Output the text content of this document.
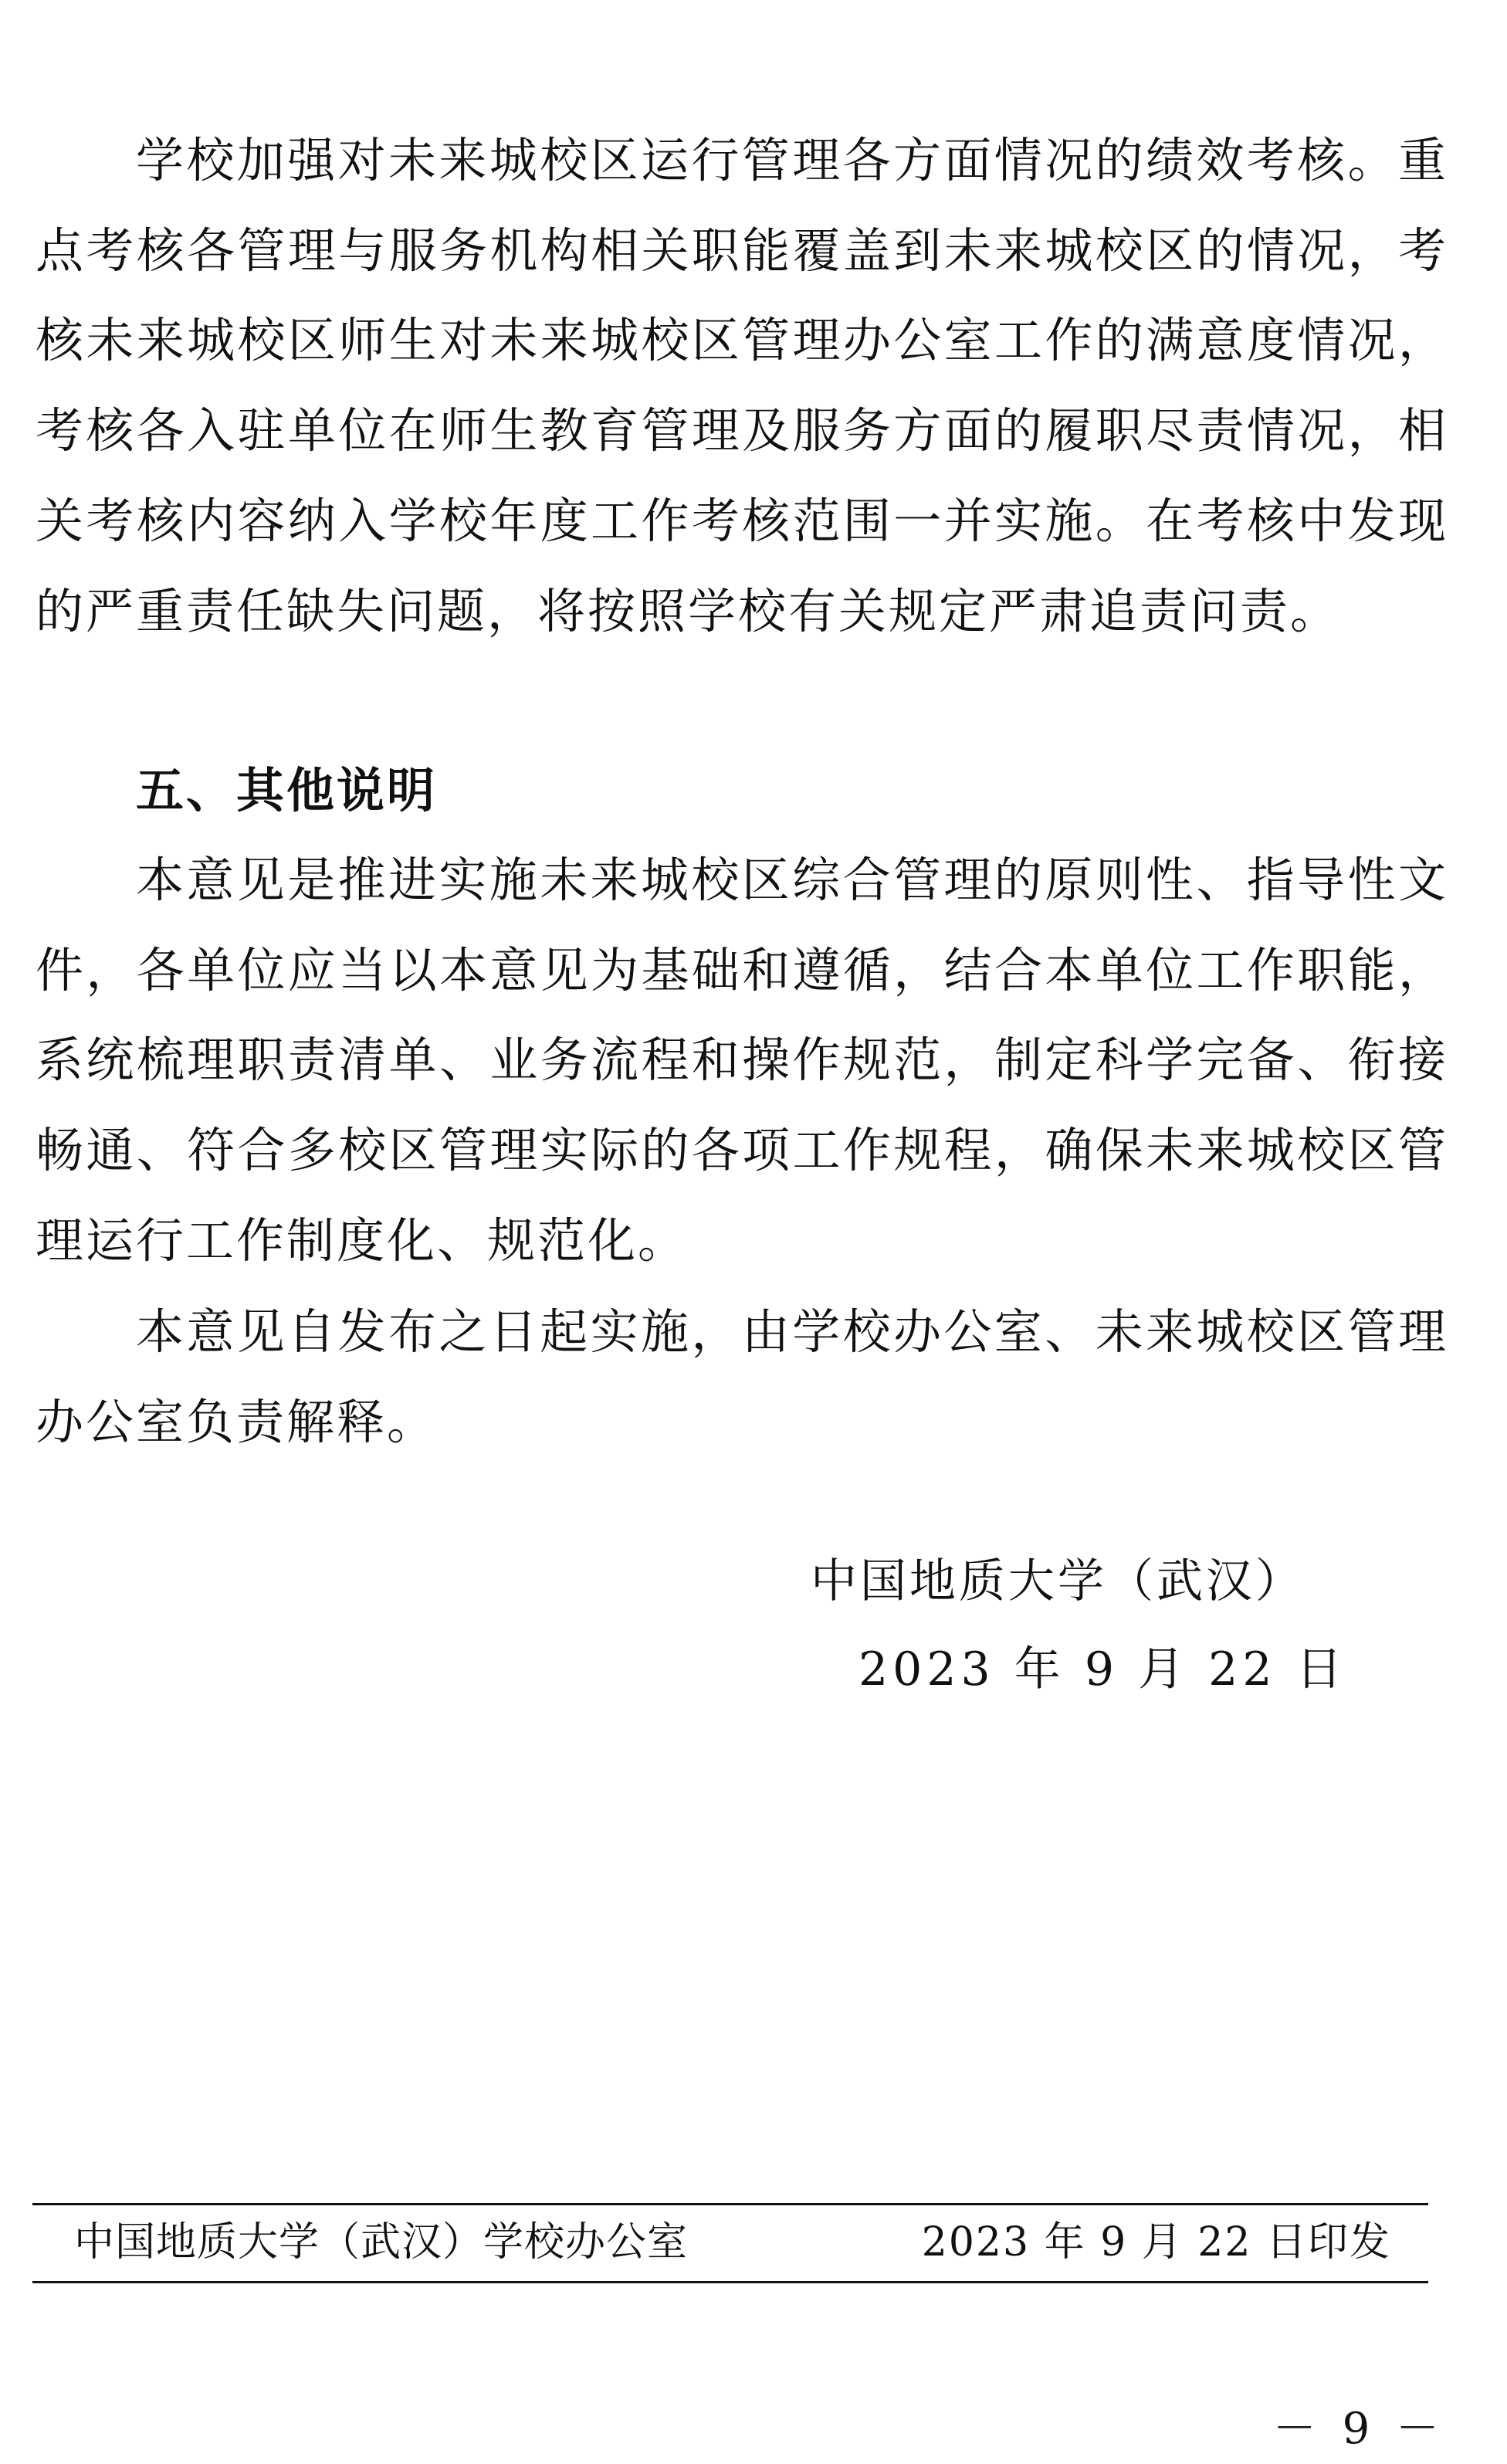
学校加强对未来城校区运行管理各方面情况的绩效考核。重点考核各管理与服务机构相关职能覆盖到未来城校区的情况，考核未来城校区师生对未来城校区管理办公室工作的满意度情况，考核各入驻单位在师生教育管理及服务方面的履职尽责情况，相关考核内容纳入学校年度工作考核范围一并实施。在考核中发现的严重责任缺失问题，将按照学校有关规定严肃追责问责。

五、其他说明

本意见是推进实施未来城校区综合管理的原则性、指导性文件，各单位应当以本意见为基础和遵循，结合本单位工作职能，系统梳理职责清单、业务流程和操作规范，制定科学完备、衔接畅通、符合多校区管理实际的各项工作规程，确保未来城校区管理运行工作制度化、规范化。

本意见自发布之日起实施，由学校办公室、未来城校区管理办公室负责解释。

中国地质大学（武汉）
2023 年 9 月 22 日
中国地质大学（武汉）学校办公室	2023 年 9 月 22 日印发
－ 9 －
